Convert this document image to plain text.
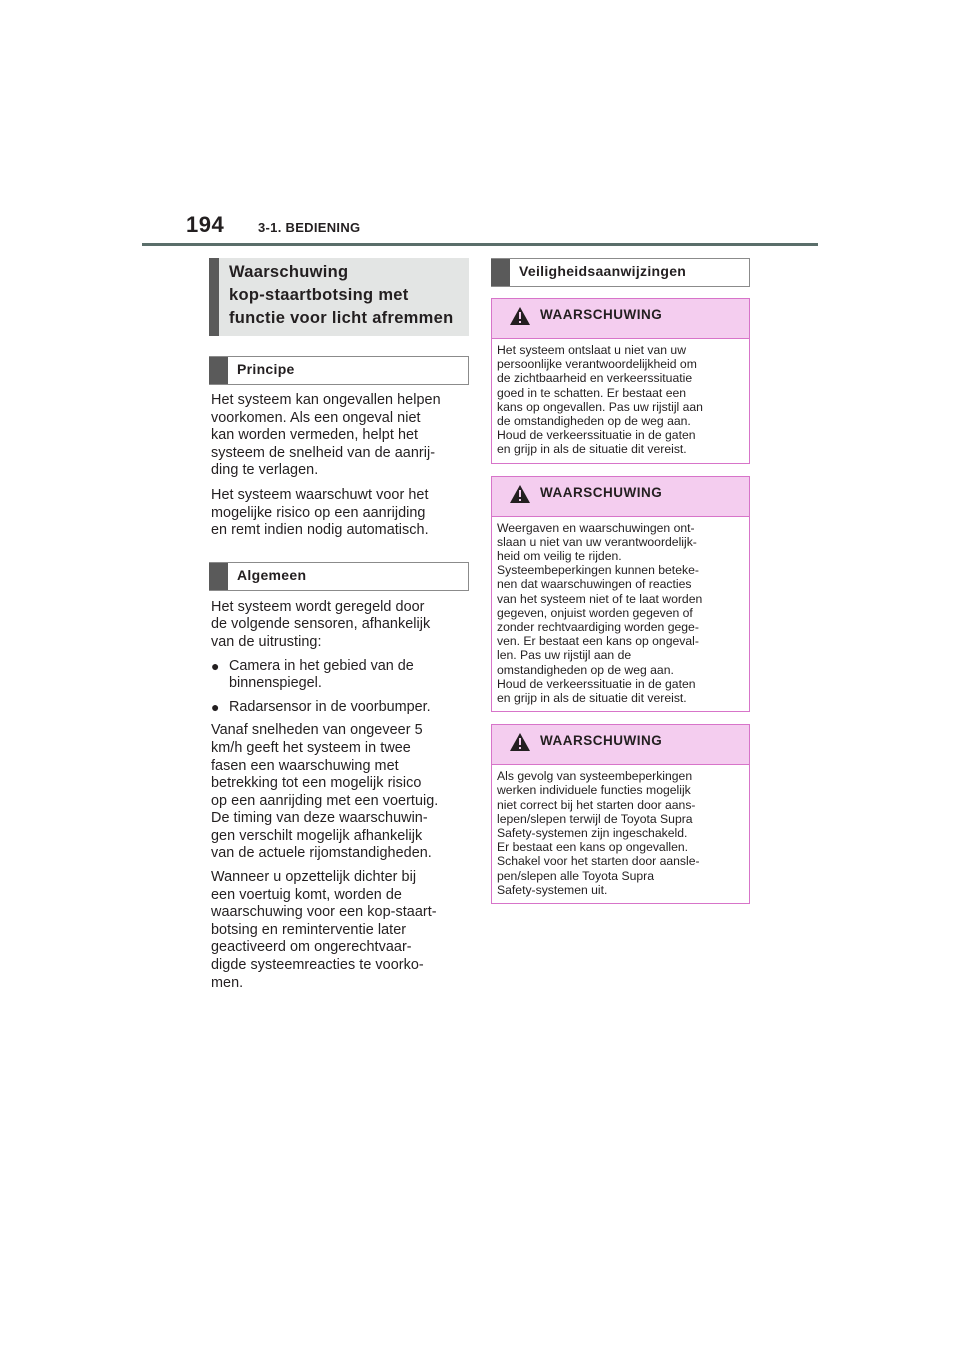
194	3-1. BEDIENING
Waarschuwing
kop-staartbotsing met
functie voor licht afremmen
Principe

Het systeem kan ongevallen helpen
voorkomen. Als een ongeval niet
kan worden vermeden, helpt het
systeem de snelheid van de aanrij-
ding te verlagen.

Het systeem waarschuwt voor het
mogelijke risico op een aanrijding
en remt indien nodig automatisch.

Algemeen

Het systeem wordt geregeld door
de volgende sensoren, afhankelijk
van de uitrusting:

● Camera in het gebied van de
binnenspiegel.
● Radarsensor in de voorbumper.

Vanaf snelheden van ongeveer 5
km/h geeft het systeem in twee
fasen een waarschuwing met
betrekking tot een mogelijk risico
op een aanrijding met een voertuig.
De timing van deze waarschuwin-
gen verschilt mogelijk afhankelijk
van de actuele rijomstandigheden.

Wanneer u opzettelijk dichter bij
een voertuig komt, worden de
waarschuwing voor een kop-staart-
botsing en reminterventie later
geactiveerd om ongerechtvaar-
digde systeemreacties te voorko-
men.

Veiligheidsaanwijzingen
WAARSCHUWING
Het systeem ontslaat u niet van uw
persoonlijke verantwoordelijkheid om
de zichtbaarheid en verkeerssituatie
goed in te schatten. Er bestaat een
kans op ongevallen. Pas uw rijstijl aan
de omstandigheden op de weg aan.
Houd de verkeerssituatie in de gaten
en grijp in als de situatie dit vereist.
WAARSCHUWING
Weergaven en waarschuwingen ont-
slaan u niet van uw verantwoordelijk-
heid om veilig te rijden.
Systeembeperkingen kunnen beteke-
nen dat waarschuwingen of reacties
van het systeem niet of te laat worden
gegeven, onjuist worden gegeven of
zonder rechtvaardiging worden gege-
ven. Er bestaat een kans op ongeval-
len. Pas uw rijstijl aan de
omstandigheden op de weg aan.
Houd de verkeerssituatie in de gaten
en grijp in als de situatie dit vereist.
WAARSCHUWING
Als gevolg van systeembeperkingen
werken individuele functies mogelijk
niet correct bij het starten door aans-
lepen/slepen terwijl de Toyota Supra
Safety-systemen zijn ingeschakeld.
Er bestaat een kans op ongevallen.
Schakel voor het starten door aansle-
pen/slepen alle Toyota Supra
Safety-systemen uit.
